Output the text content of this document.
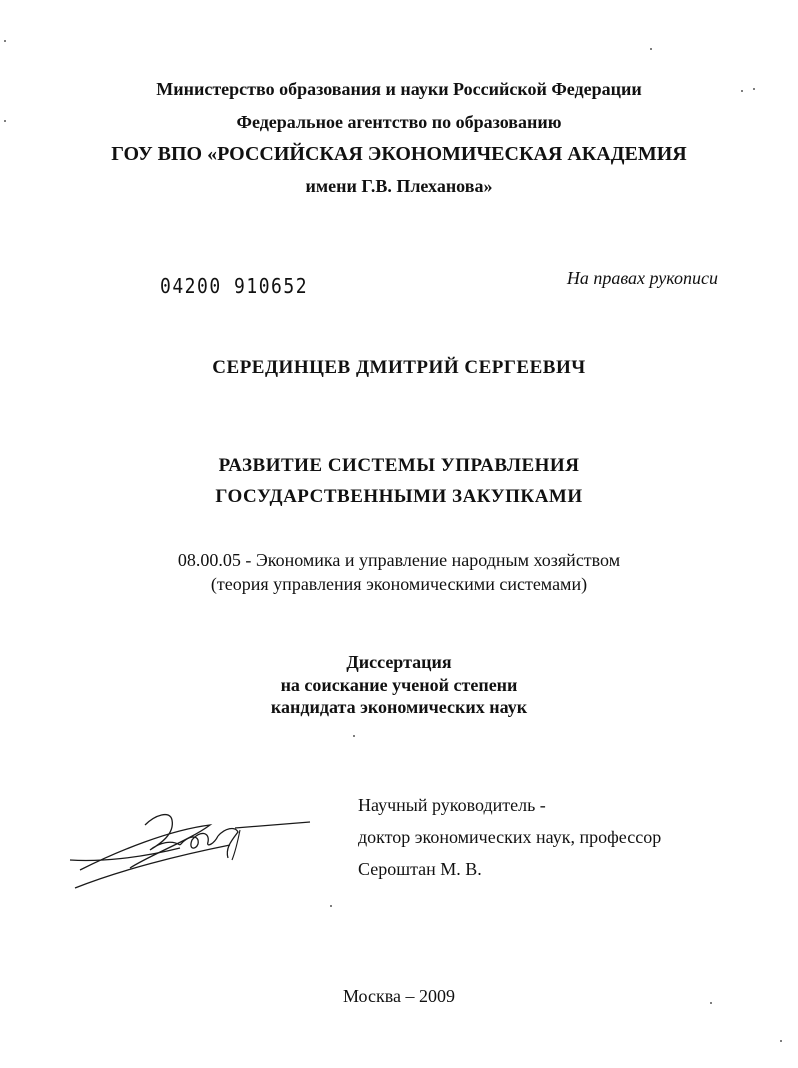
Министерство образования и науки Российской Федерации
Федеральное агентство по образованию
ГОУ ВПО «РОССИЙСКАЯ ЭКОНОМИЧЕСКАЯ АКАДЕМИЯ
имени Г.В. Плеханова»
04200 910652	На правах рукописи
СЕРЕДИНЦЕВ ДМИТРИЙ СЕРГЕЕВИЧ
РАЗВИТИЕ СИСТЕМЫ УПРАВЛЕНИЯ
ГОСУДАРСТВЕННЫМИ ЗАКУПКАМИ
08.00.05 - Экономика и управление народным хозяйством
(теория управления экономическими системами)
Диссертация
на соискание ученой степени
кандидата экономических наук
Научный руководитель -
доктор экономических наук, профессор
Сероштан М. В.
Москва – 2009
